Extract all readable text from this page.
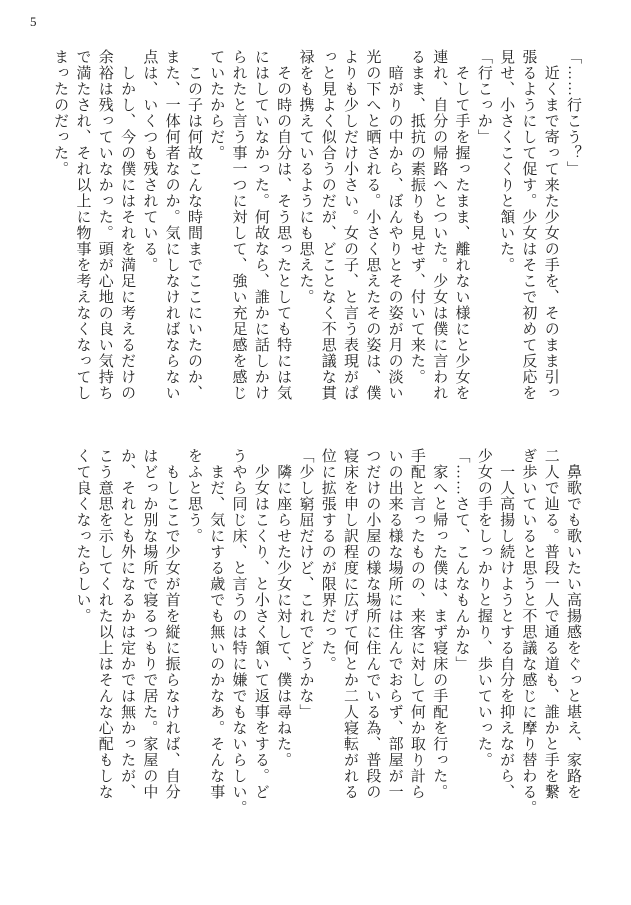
5
「……行こう？」
　近くまで寄って来た少女の手を、そのまま引っ
張るようにして促す。少女はそこで初めて反応を
見せ、小さくこくりと頷いた。
「行こっか」
　そして手を握ったまま、離れない様にと少女を
連れ、自分の帰路へとついた。少女は僕に言われ
るまま、抵抗の素振りも見せず、付いて来た。
　暗がりの中から、ぼんやりとその姿が月の淡い
光の下へと晒される。小さく思えたその姿は、僕
よりも少しだけ小さい。女の子、と言う表現がぱ
っと見よく似合うのだが、どことなく不思議な貫
禄をも携えているようにも思えた。
　その時の自分は、そう思ったとしても特には気
にはしていなかった。何故なら、誰かに話しかけ
られたと言う事一つに対して、強い充足感を感じ
ていたからだ。
　この子は何故こんな時間までここにいたのか、
また、一体何者なのか。気にしなければならない
点は、いくつも残されている。
　しかし、今の僕にはそれを満足に考えるだけの
余裕は残っていなかった。頭が心地の良い気持ち
で満たされ、それ以上に物事を考えなくなってし
まったのだった。
　鼻歌でも歌いたい高揚感をぐっと堪え、家路を
二人で辿る。普段一人で通る道も、誰かと手を繋
ぎ歩いていると思うと不思議な感じに摩り替わる。
　一人高揚し続けようとする自分を抑えながら、
少女の手をしっかりと握り、歩いていった。
「……さて、こんなもんかな」
　家へと帰った僕は、まず寝床の手配を行った。
手配と言ったものの、来客に対して何か取り計ら
いの出来る様な場所には住んでおらず、部屋が一
つだけの小屋の様な場所に住んでいる為、普段の
寝床を申し訳程度に広げて何とか二人寝転がれる
位に拡張するのが限界だった。
「少し窮屈だけど、これでどうかな」
　隣に座らせた少女に対して、僕は尋ねた。
　少女はこくり、と小さく頷いて返事をする。ど
うやら同じ床、と言うのは特に嫌でもないらしい。
　まだ、気にする歳でも無いのかなあ。そんな事
をふと思う。
　もしここで少女が首を縦に振らなければ、自分
はどっか別な場所で寝るつもりで居た。家屋の中
か、それとも外になるかは定かでは無かったが、
こう意思を示してくれた以上はそんな心配もしな
くて良くなったらしい。
